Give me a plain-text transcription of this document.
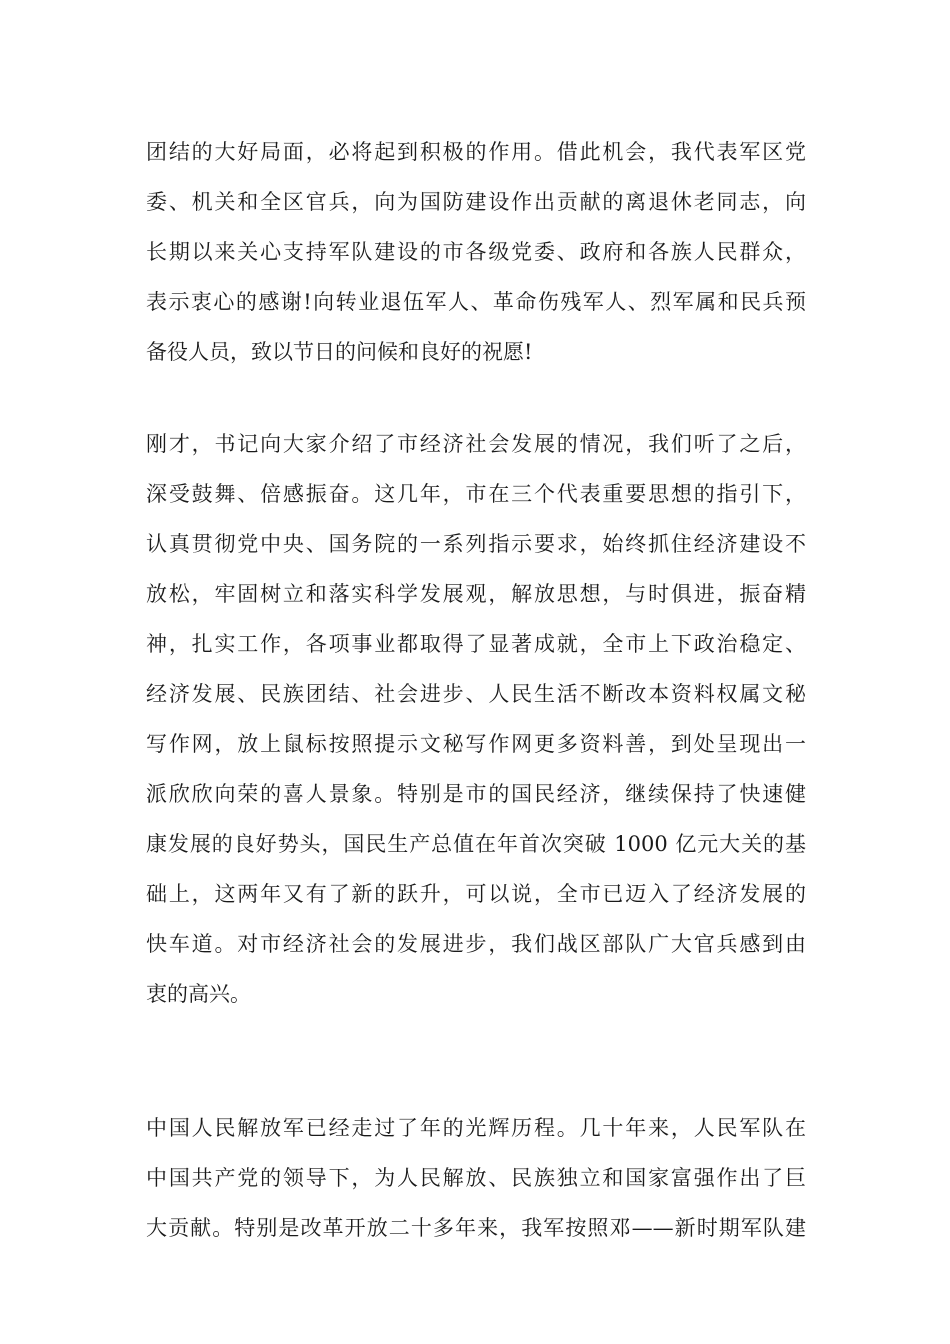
团结的大好局面，必将起到积极的作用。借此机会，我代表军区党
委、机关和全区官兵，向为国防建设作出贡献的离退休老同志，向
长期以来关心支持军队建设的市各级党委、政府和各族人民群众，
表示衷心的感谢!向转业退伍军人、革命伤残军人、烈军属和民兵预
备役人员，致以节日的问候和良好的祝愿!
刚才，书记向大家介绍了市经济社会发展的情况，我们听了之后，
深受鼓舞、倍感振奋。这几年，市在三个代表重要思想的指引下，
认真贯彻党中央、国务院的一系列指示要求，始终抓住经济建设不
放松，牢固树立和落实科学发展观，解放思想，与时俱进，振奋精
神，扎实工作，各项事业都取得了显著成就，全市上下政治稳定、
经济发展、民族团结、社会进步、人民生活不断改本资料权属文秘
写作网，放上鼠标按照提示文秘写作网更多资料善，到处呈现出一
派欣欣向荣的喜人景象。特别是市的国民经济，继续保持了快速健
康发展的良好势头，国民生产总值在年首次突破 1000 亿元大关的基
础上，这两年又有了新的跃升，可以说，全市已迈入了经济发展的
快车道。对市经济社会的发展进步，我们战区部队广大官兵感到由
衷的高兴。
中国人民解放军已经走过了年的光辉历程。几十年来，人民军队在
中国共产党的领导下，为人民解放、民族独立和国家富强作出了巨
大贡献。特别是改革开放二十多年来，我军按照邓——新时期军队建
